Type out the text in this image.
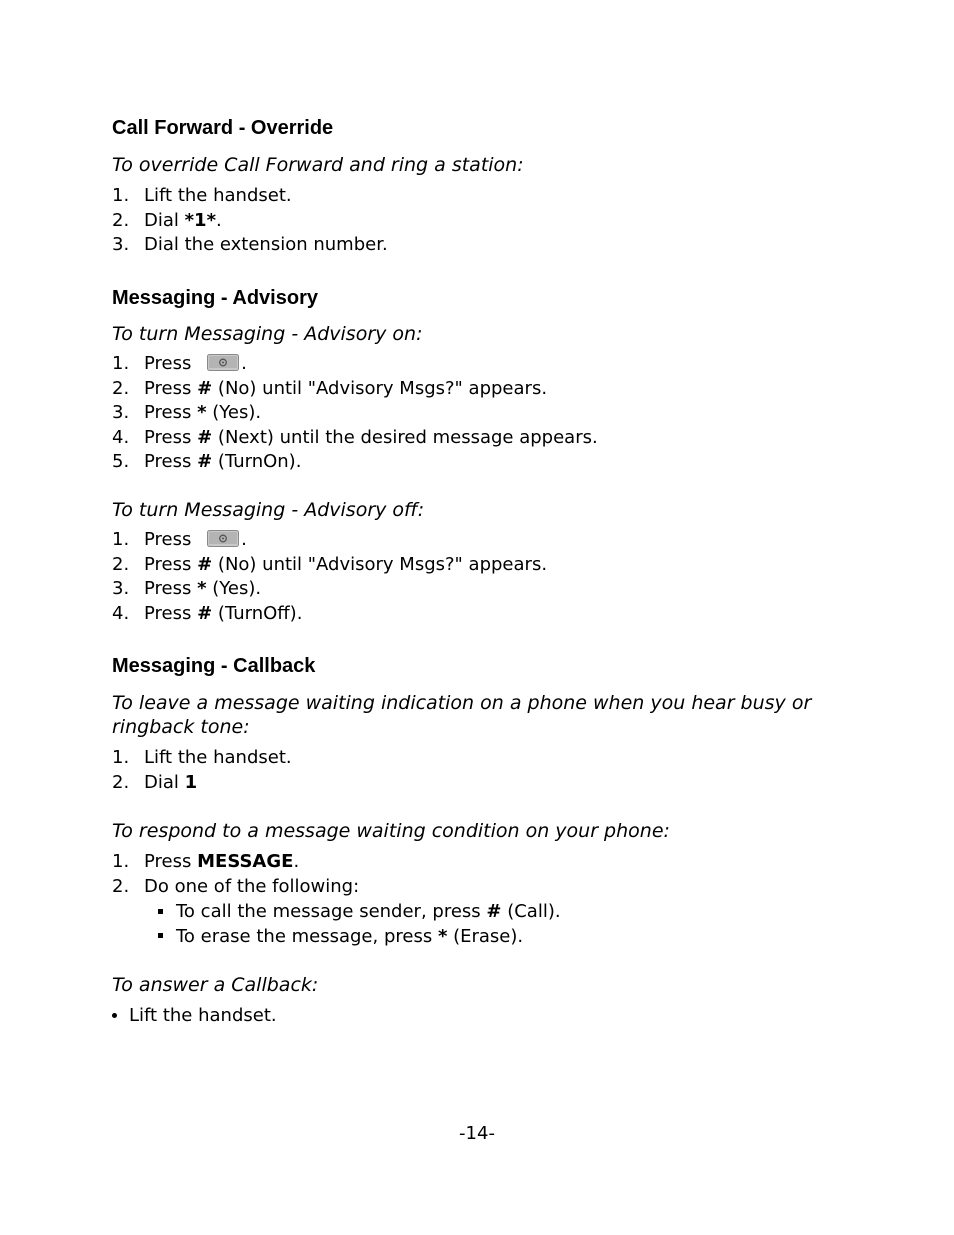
Call Forward - Override

To override Call Forward and ring a station:

1. Lift the handset.
2. Dial *1*.
3. Dial the extension number.
Messaging - Advisory

To turn Messaging - Advisory on:

1. Press .
2. Press # (No) until "Advisory Msgs?" appears.
3. Press * (Yes).
4. Press # (Next) until the desired message appears.
5. Press # (TurnOn).

To turn Messaging - Advisory off:

1. Press .
2. Press # (No) until "Advisory Msgs?" appears.
3. Press * (Yes).
4. Press # (TurnOff).
Messaging - Callback

To leave a message waiting indication on a phone when you hear busy or ringback tone:

1. Lift the handset.
2. Dial 1

To respond to a message waiting condition on your phone:

1. Press MESSAGE.
2. Do one of the following:
To call the message sender, press # (Call).
To erase the message, press * (Erase).

To answer a Callback:

Lift the handset.
-14-
